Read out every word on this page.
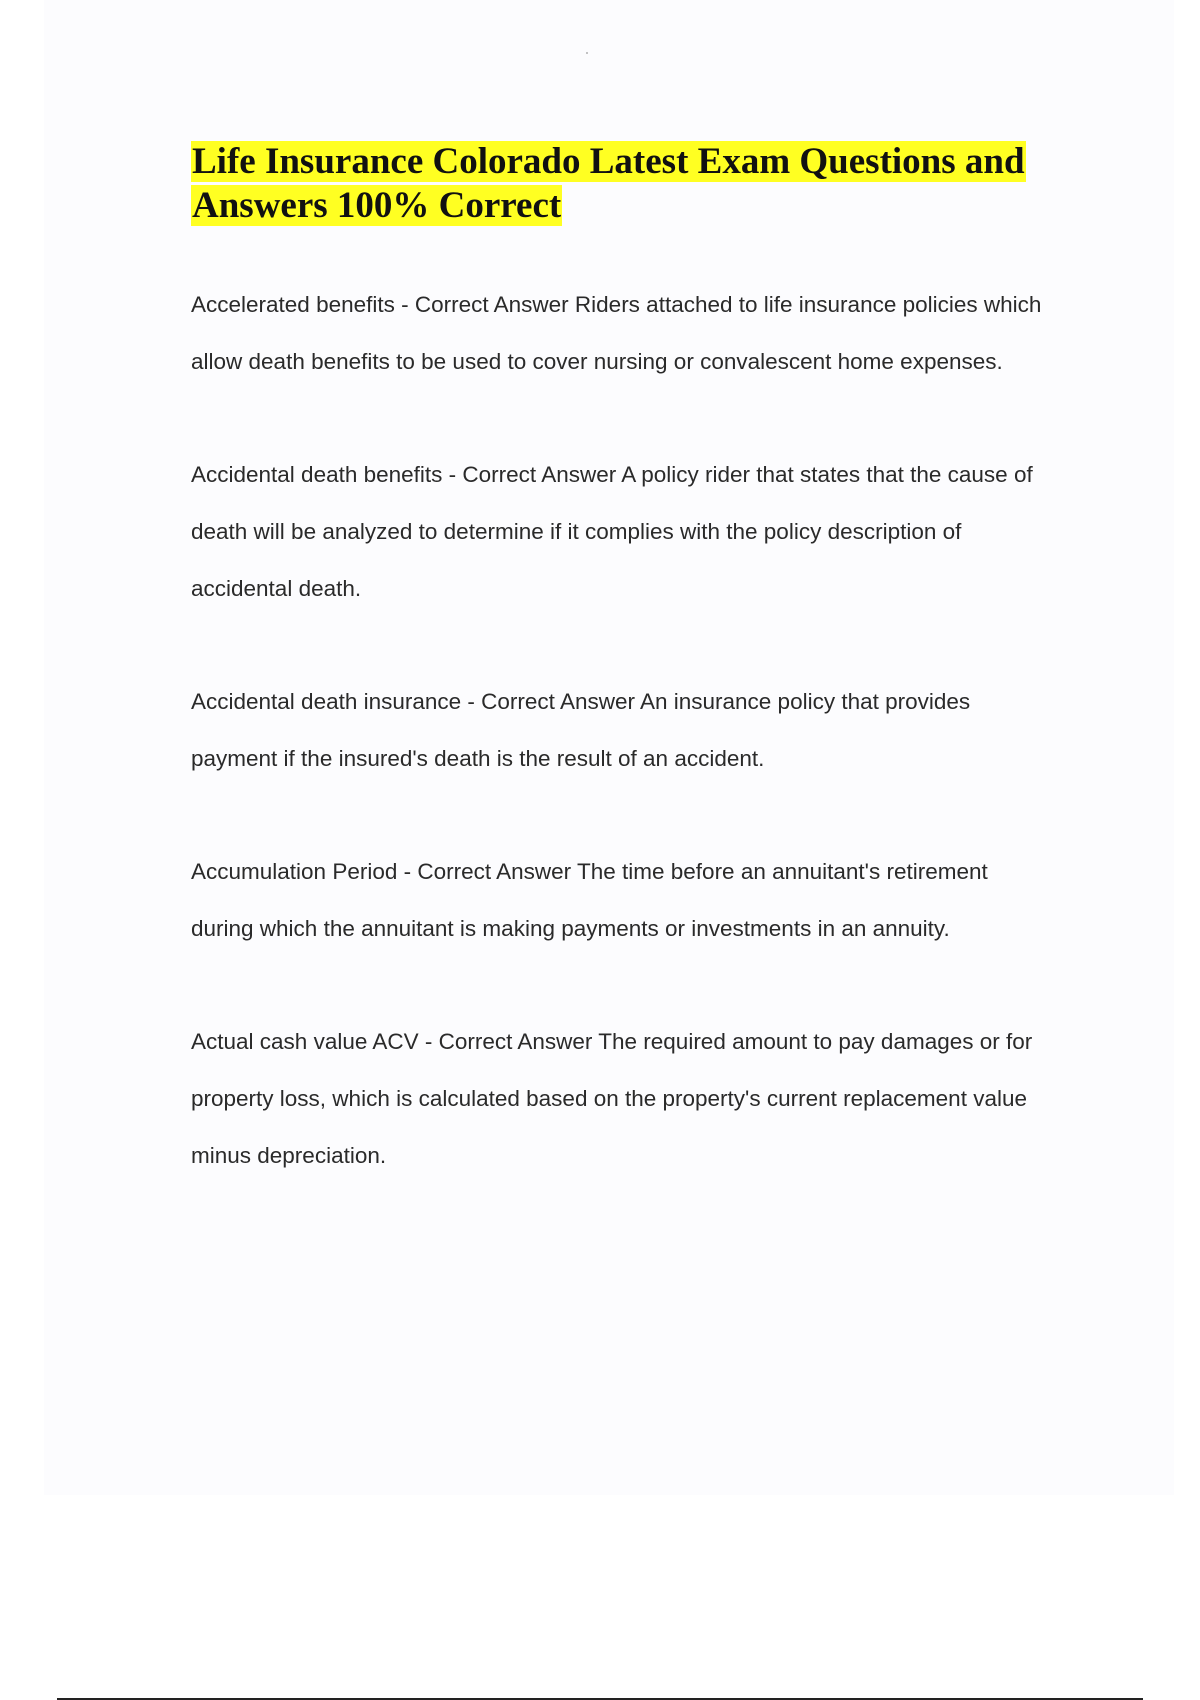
Life Insurance Colorado Latest Exam Questions and Answers 100% Correct

Accelerated benefits - Correct Answer Riders attached to life insurance policies which allow death benefits to be used to cover nursing or convalescent home expenses.

Accidental death benefits - Correct Answer A policy rider that states that the cause of death will be analyzed to determine if it complies with the policy description of accidental death.

Accidental death insurance - Correct Answer An insurance policy that provides payment if the insured's death is the result of an accident.

Accumulation Period - Correct Answer The time before an annuitant's retirement during which the annuitant is making payments or investments in an annuity.

Actual cash value ACV - Correct Answer The required amount to pay damages or for property loss, which is calculated based on the property's current replacement value minus depreciation.
